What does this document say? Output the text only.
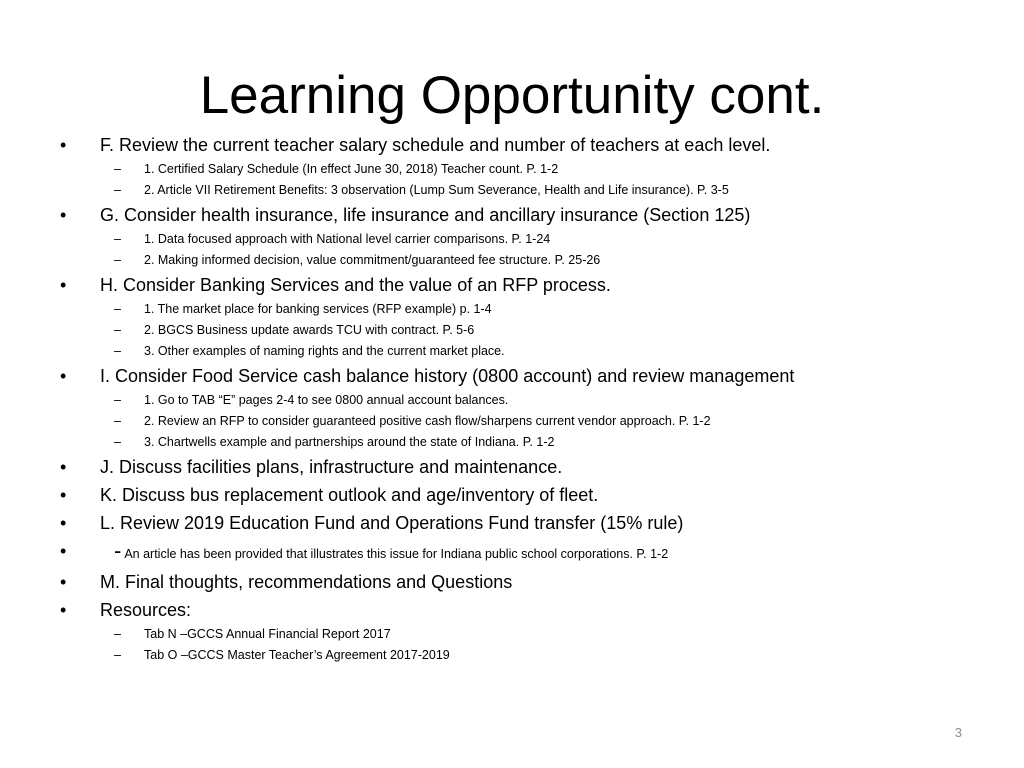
Learning Opportunity cont.
• F. Review the current teacher salary schedule and number of teachers at each level.
– 1. Certified Salary Schedule (In effect June 30, 2018) Teacher count. P. 1-2
– 2. Article VII Retirement Benefits: 3 observation (Lump Sum Severance, Health and Life insurance). P. 3-5
• G. Consider health insurance, life insurance and ancillary insurance (Section 125)
– 1. Data focused approach with National level carrier comparisons. P. 1-24
– 2. Making informed decision, value commitment/guaranteed fee structure. P. 25-26
• H. Consider Banking Services and the value of an RFP process.
– 1. The market place for banking services (RFP example) p. 1-4
– 2. BGCS Business update awards TCU with contract. P. 5-6
– 3. Other examples of naming rights and the current market place.
• I. Consider Food Service cash balance history (0800 account) and review management
– 1. Go to TAB “E” pages 2-4 to see 0800 annual account balances.
– 2. Review an RFP to consider guaranteed positive cash flow/sharpens current vendor approach. P. 1-2
– 3. Chartwells example and partnerships around the state of Indiana. P. 1-2
• J. Discuss facilities plans, infrastructure and maintenance.
• K. Discuss bus replacement outlook and age/inventory of fleet.
• L. Review 2019 Education Fund and Operations Fund transfer (15% rule)
• - An article has been provided that illustrates this issue for Indiana public school corporations. P. 1-2
• M. Final thoughts, recommendations and Questions
• Resources:
– Tab N –GCCS Annual Financial Report 2017
– Tab O –GCCS Master Teacher’s Agreement 2017-2019
3
